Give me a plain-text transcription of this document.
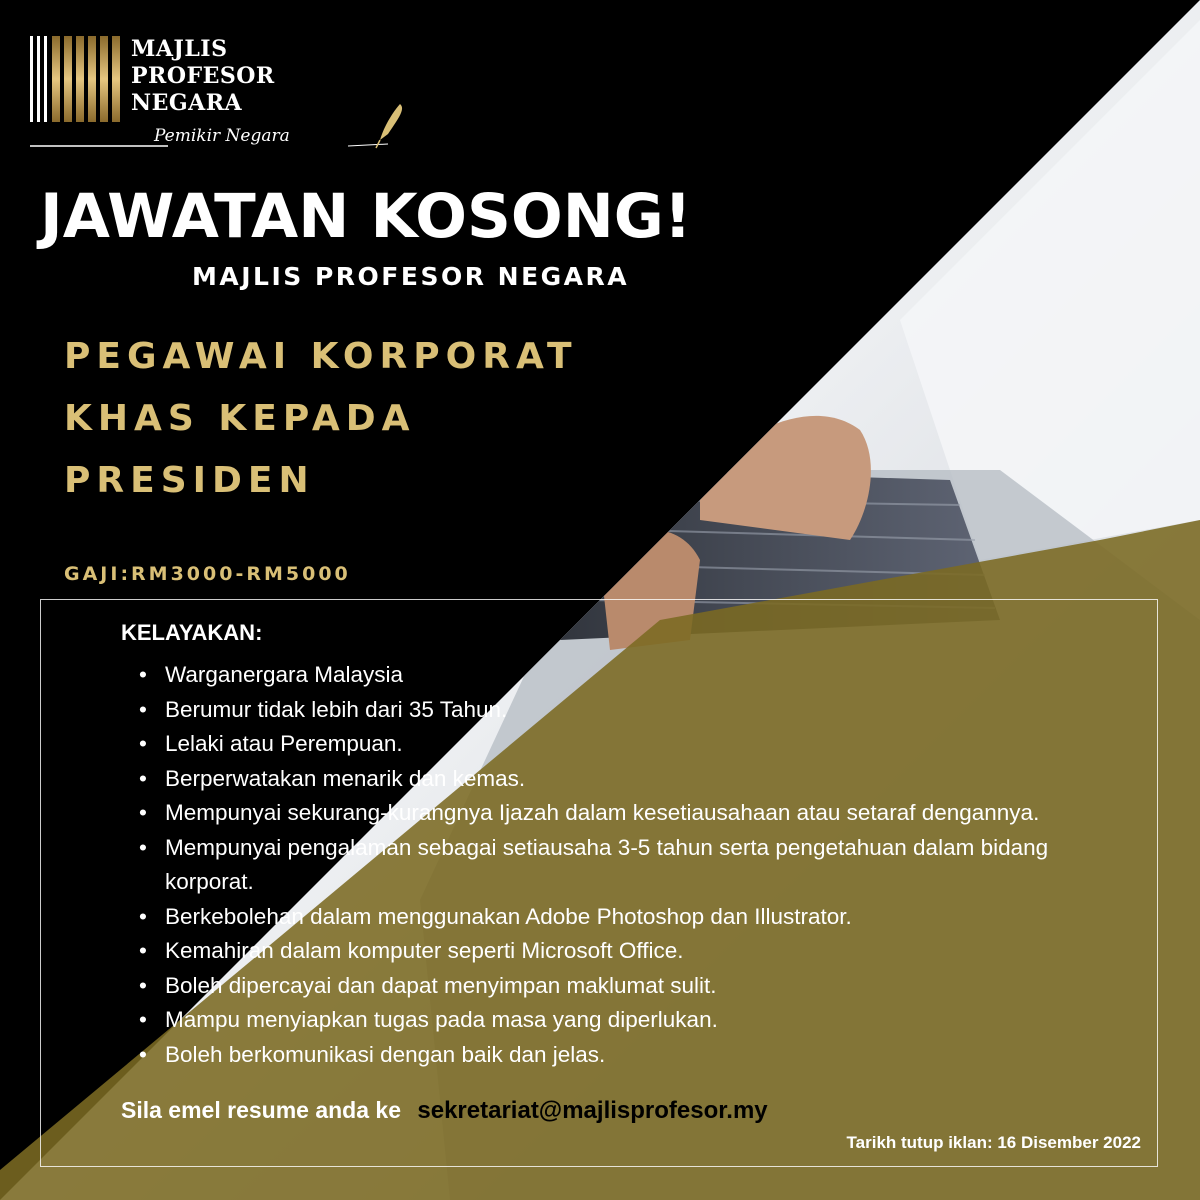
MAJLIS
PROFESOR
NEGARA
Pemikir Negara
JAWATAN KOSONG!
MAJLIS PROFESOR NEGARA
PEGAWAI KORPORAT
KHAS KEPADA
PRESIDEN
GAJI:RM3000-RM5000
KELAYAKAN:
• Warganergara Malaysia
• Berumur tidak lebih dari 35 Tahun.
• Lelaki atau Perempuan.
• Berperwatakan menarik dan kemas.
• Mempunyai sekurang-kurangnya Ijazah dalam kesetiausahaan atau setaraf dengannya.
• Mempunyai pengalaman sebagai setiausaha 3-5 tahun serta pengetahuan dalam bidang korporat.
• Berkebolehan dalam menggunakan Adobe Photoshop dan Illustrator.
• Kemahiran dalam komputer seperti Microsoft Office.
• Boleh dipercayai dan dapat menyimpan maklumat sulit.
• Mampu menyiapkan tugas pada masa yang diperlukan.
• Boleh berkomunikasi dengan baik dan jelas.
Sila emel resume anda ke sekretariat@majlisprofesor.my
Tarikh tutup iklan: 16 Disember 2022
